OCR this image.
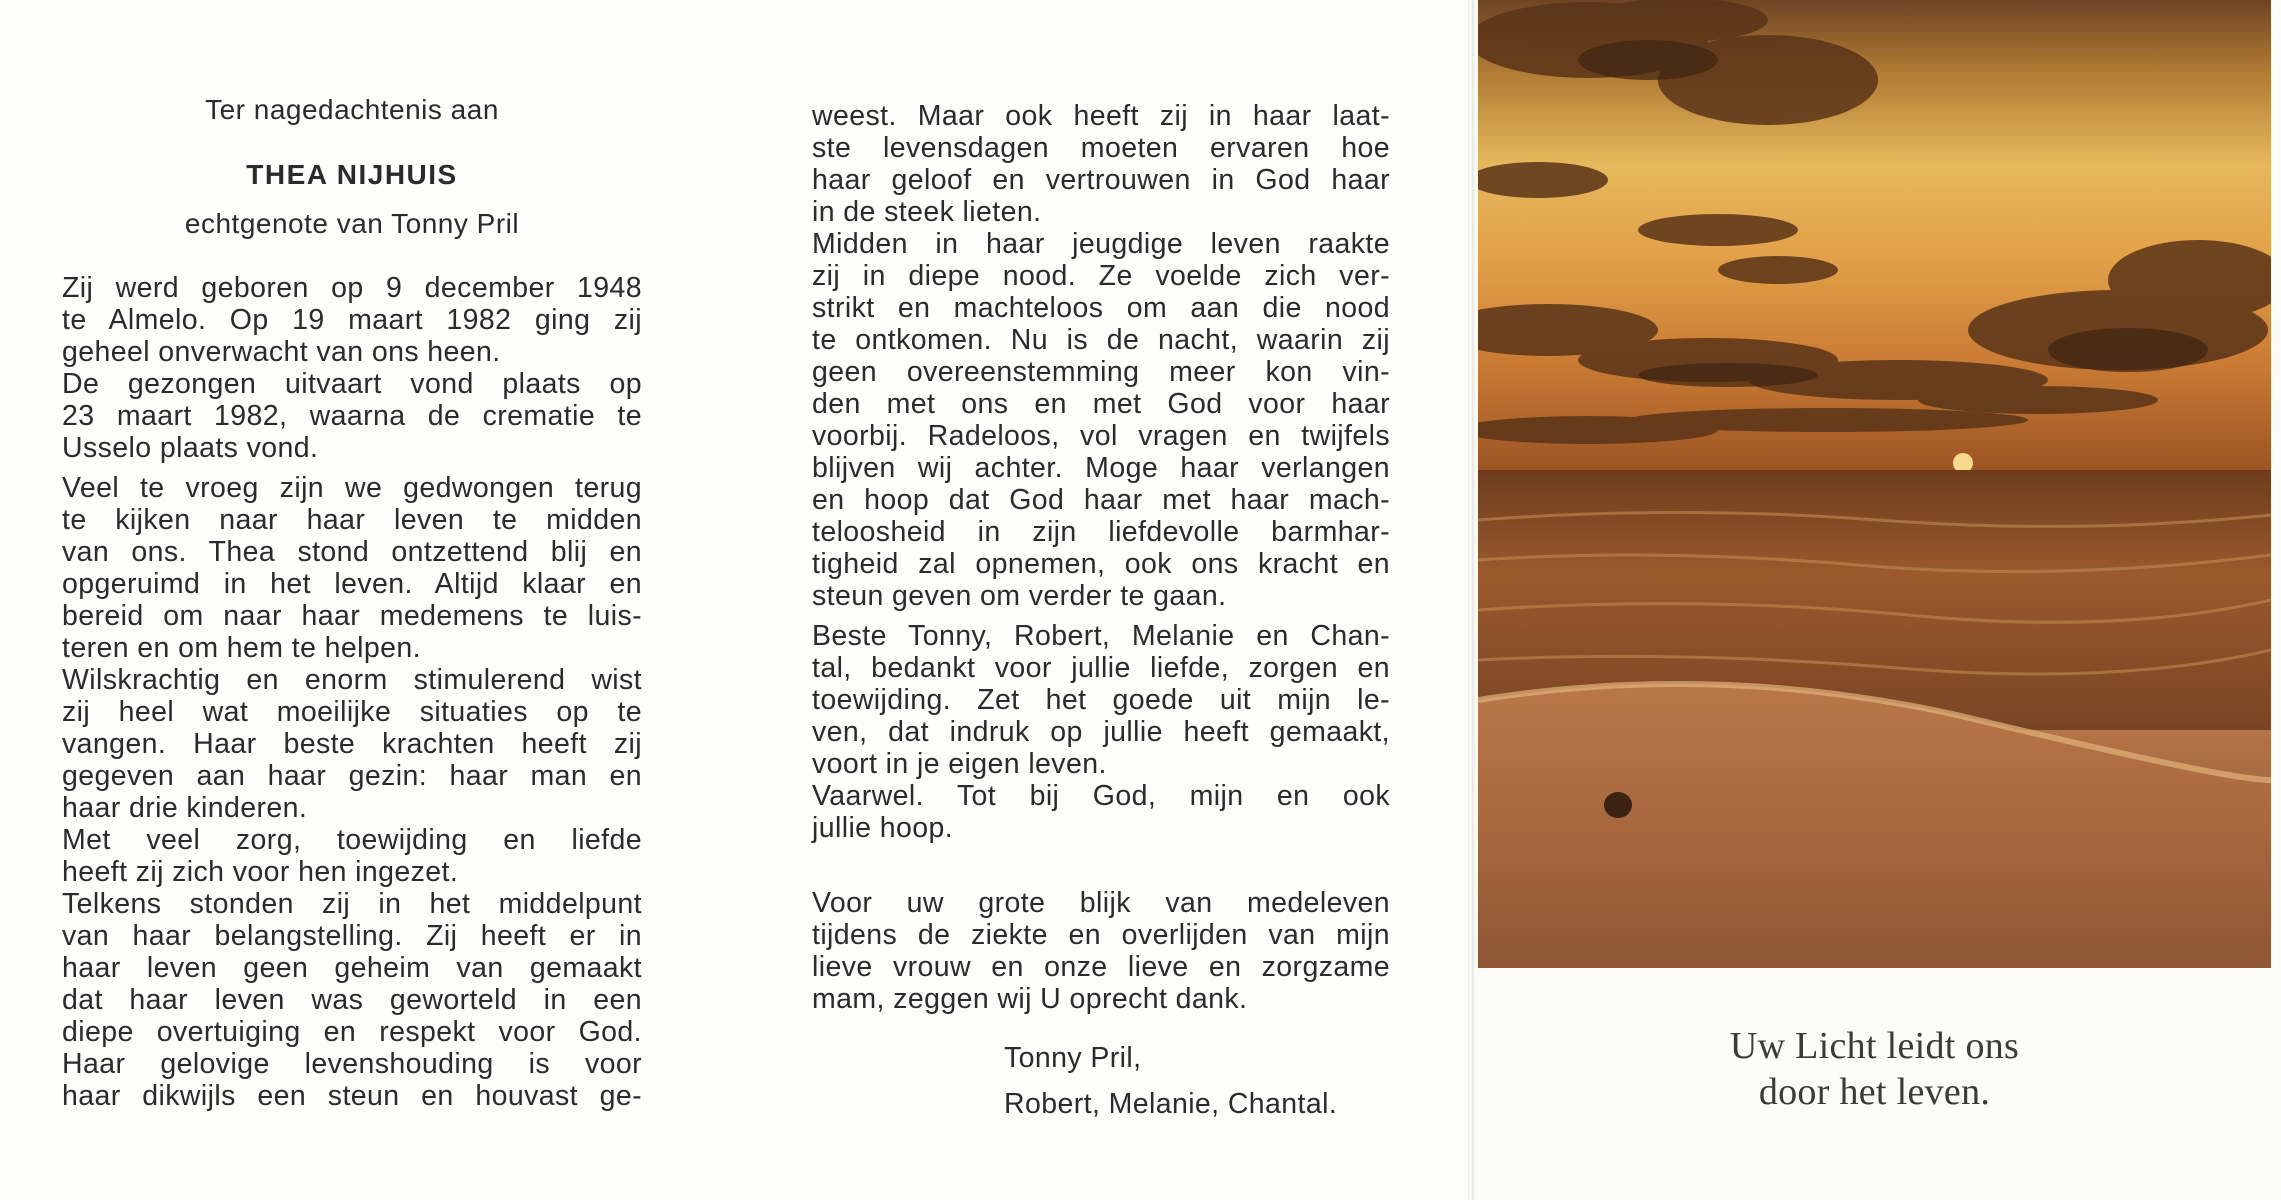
Ter nagedachtenis aan
THEA NIJHUIS
echtgenote van Tonny Pril
Zij werd geboren op 9 december 1948
te Almelo. Op 19 maart 1982 ging zij
geheel onverwacht van ons heen.
De gezongen uitvaart vond plaats op
23 maart 1982, waarna de crematie te
Usselo plaats vond.
Veel te vroeg zijn we gedwongen terug
te kijken naar haar leven te midden
van ons. Thea stond ontzettend blij en
opgeruimd in het leven. Altijd klaar en
bereid om naar haar medemens te luis-
teren en om hem te helpen.
Wilskrachtig en enorm stimulerend wist
zij heel wat moeilijke situaties op te
vangen. Haar beste krachten heeft zij
gegeven aan haar gezin: haar man en
haar drie kinderen.
Met veel zorg, toewijding en liefde
heeft zij zich voor hen ingezet.
Telkens stonden zij in het middelpunt
van haar belangstelling. Zij heeft er in
haar leven geen geheim van gemaakt
dat haar leven was geworteld in een
diepe overtuiging en respekt voor God.
Haar gelovige levenshouding is voor
haar dikwijls een steun en houvast ge-
weest. Maar ook heeft zij in haar laat-
ste levensdagen moeten ervaren hoe
haar geloof en vertrouwen in God haar
in de steek lieten.
Midden in haar jeugdige leven raakte
zij in diepe nood. Ze voelde zich ver-
strikt en machteloos om aan die nood
te ontkomen. Nu is de nacht, waarin zij
geen overeenstemming meer kon vin-
den met ons en met God voor haar
voorbij. Radeloos, vol vragen en twijfels
blijven wij achter. Moge haar verlangen
en hoop dat God haar met haar mach-
teloosheid in zijn liefdevolle barmhar-
tigheid zal opnemen, ook ons kracht en
steun geven om verder te gaan.
Beste Tonny, Robert, Melanie en Chan-
tal, bedankt voor jullie liefde, zorgen en
toewijding. Zet het goede uit mijn le-
ven, dat indruk op jullie heeft gemaakt,
voort in je eigen leven.
Vaarwel. Tot bij God, mijn en ook
jullie hoop.
Voor uw grote blijk van medeleven
tijdens de ziekte en overlijden van mijn
lieve vrouw en onze lieve en zorgzame
mam, zeggen wij U oprecht dank.
Tonny Pril,
Robert, Melanie, Chantal.
Uw Licht leidt ons
door het leven.
